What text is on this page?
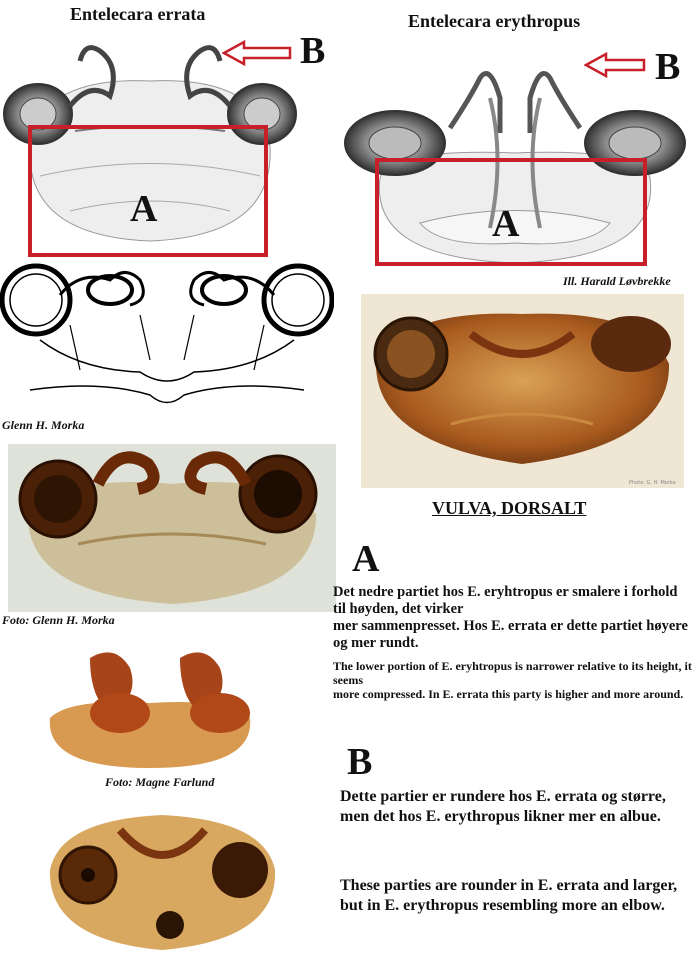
Entelecara errata	Entelecara erythropus
A
B
A
B
Ill. Harald Løvbrekke
Glenn H. Morka
Photo: G. H. Morka
Foto: Glenn H. Morka
Foto: Magne Farlund
VULVA, DORSALT
A
Det nedre partiet hos E. eryhtropus er smalere i forhold til høyden, det virker
mer sammenpresset. Hos E. errata er dette partiet høyere og mer rundt.
The lower portion of E. eryhtropus is narrower relative to its height, it seems
more compressed. In E. errata this party is higher and more around.
B
Dette partier er rundere hos E. errata og større, men det hos E. erythropus likner mer en albue.
These parties are rounder in E. errata and larger, but in E. erythropus resembling more an elbow.
